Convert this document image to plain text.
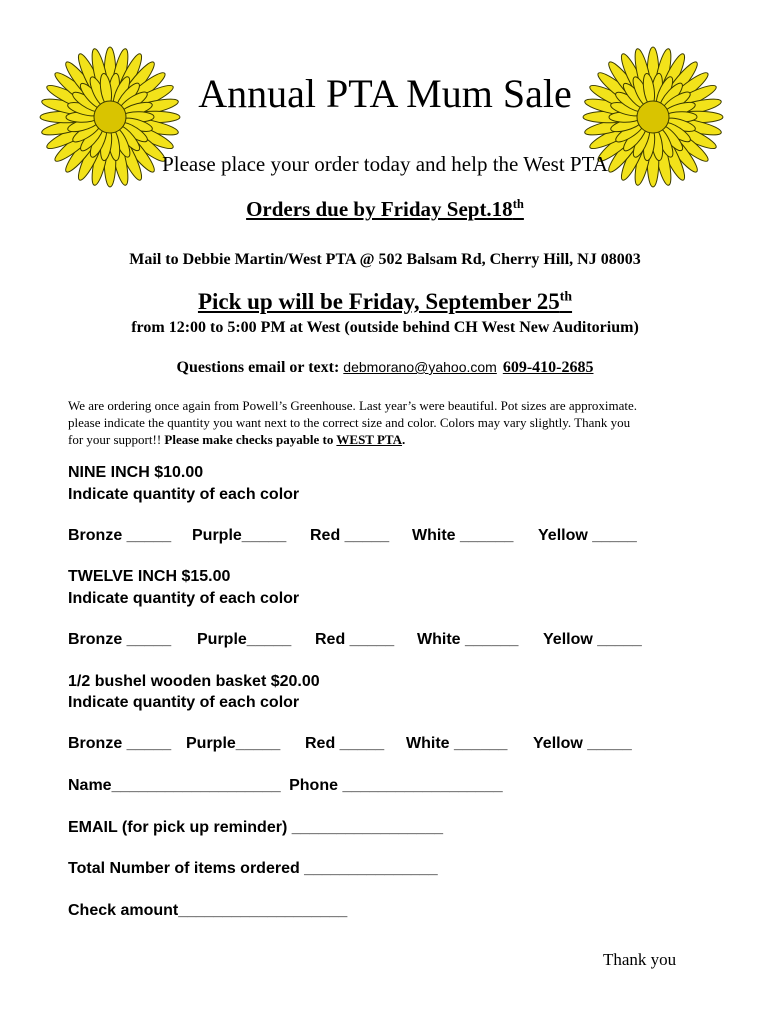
Annual PTA Mum Sale
Please place your order today and help the West PTA
Orders due by Friday Sept.18th
Mail to Debbie Martin/West PTA @ 502 Balsam Rd, Cherry Hill, NJ 08003
Pick up will be Friday, September 25th
from 12:00 to 5:00 PM at West (outside behind CH West New Auditorium)
Questions email or text: debmorano@yahoo.com 609-410-2685
We are ordering once again from Powell’s Greenhouse. Last year’s were beautiful. Pot sizes are approximate.
please indicate the quantity you want next to the correct size and color. Colors may vary slightly. Thank you
for your support!! Please make checks payable to WEST PTA.
NINE INCH $10.00
Indicate quantity of each color
Bronze _____ Purple_____ Red _____ White ______ Yellow _____
TWELVE INCH $15.00
Indicate quantity of each color
Bronze _____ Purple_____ Red _____ White ______ Yellow _____
1/2 bushel wooden basket $20.00
Indicate quantity of each color
Bronze _____ Purple_____ Red _____ White ______ Yellow _____
Name___________________ Phone __________________
EMAIL (for pick up reminder) _________________
Total Number of items ordered _______________
Check amount___________________
Thank you
